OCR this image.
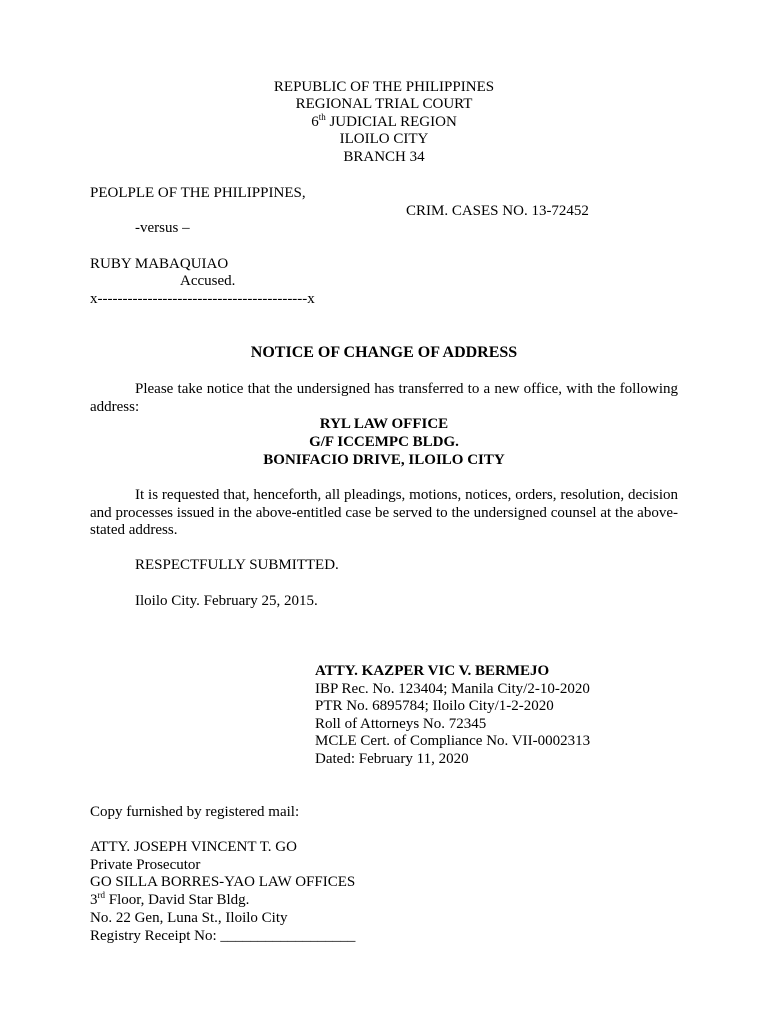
REPUBLIC OF THE PHILIPPINES
REGIONAL TRIAL COURT
6th JUDICIAL REGION
ILOILO CITY
BRANCH 34
PEOLPLE OF THE PHILIPPINES,
CRIM. CASES NO. 13-72452
-versus –
RUBY MABAQUIAO
Accused.
x------------------------------------------x
NOTICE OF CHANGE OF ADDRESS
Please take notice that the undersigned has transferred to a new office, with the following address:
RYL LAW OFFICE
G/F ICCEMPC BLDG.
BONIFACIO DRIVE, ILOILO CITY
It is requested that, henceforth, all pleadings, motions, notices, orders, resolution, decision and processes issued in the above-entitled case be served to the undersigned counsel at the above-stated address.
RESPECTFULLY SUBMITTED.
Iloilo City. February 25, 2015.
ATTY. KAZPER VIC V. BERMEJO
IBP Rec. No. 123404; Manila City/2-10-2020
PTR No. 6895784; Iloilo City/1-2-2020
Roll of Attorneys No. 72345
MCLE Cert. of Compliance No. VII-0002313
Dated: February 11, 2020
Copy furnished by registered mail:
ATTY. JOSEPH VINCENT T. GO
Private Prosecutor
GO SILLA BORRES-YAO LAW OFFICES
3rd Floor, David Star Bldg.
No. 22 Gen, Luna St., Iloilo City
Registry Receipt No: __________________
